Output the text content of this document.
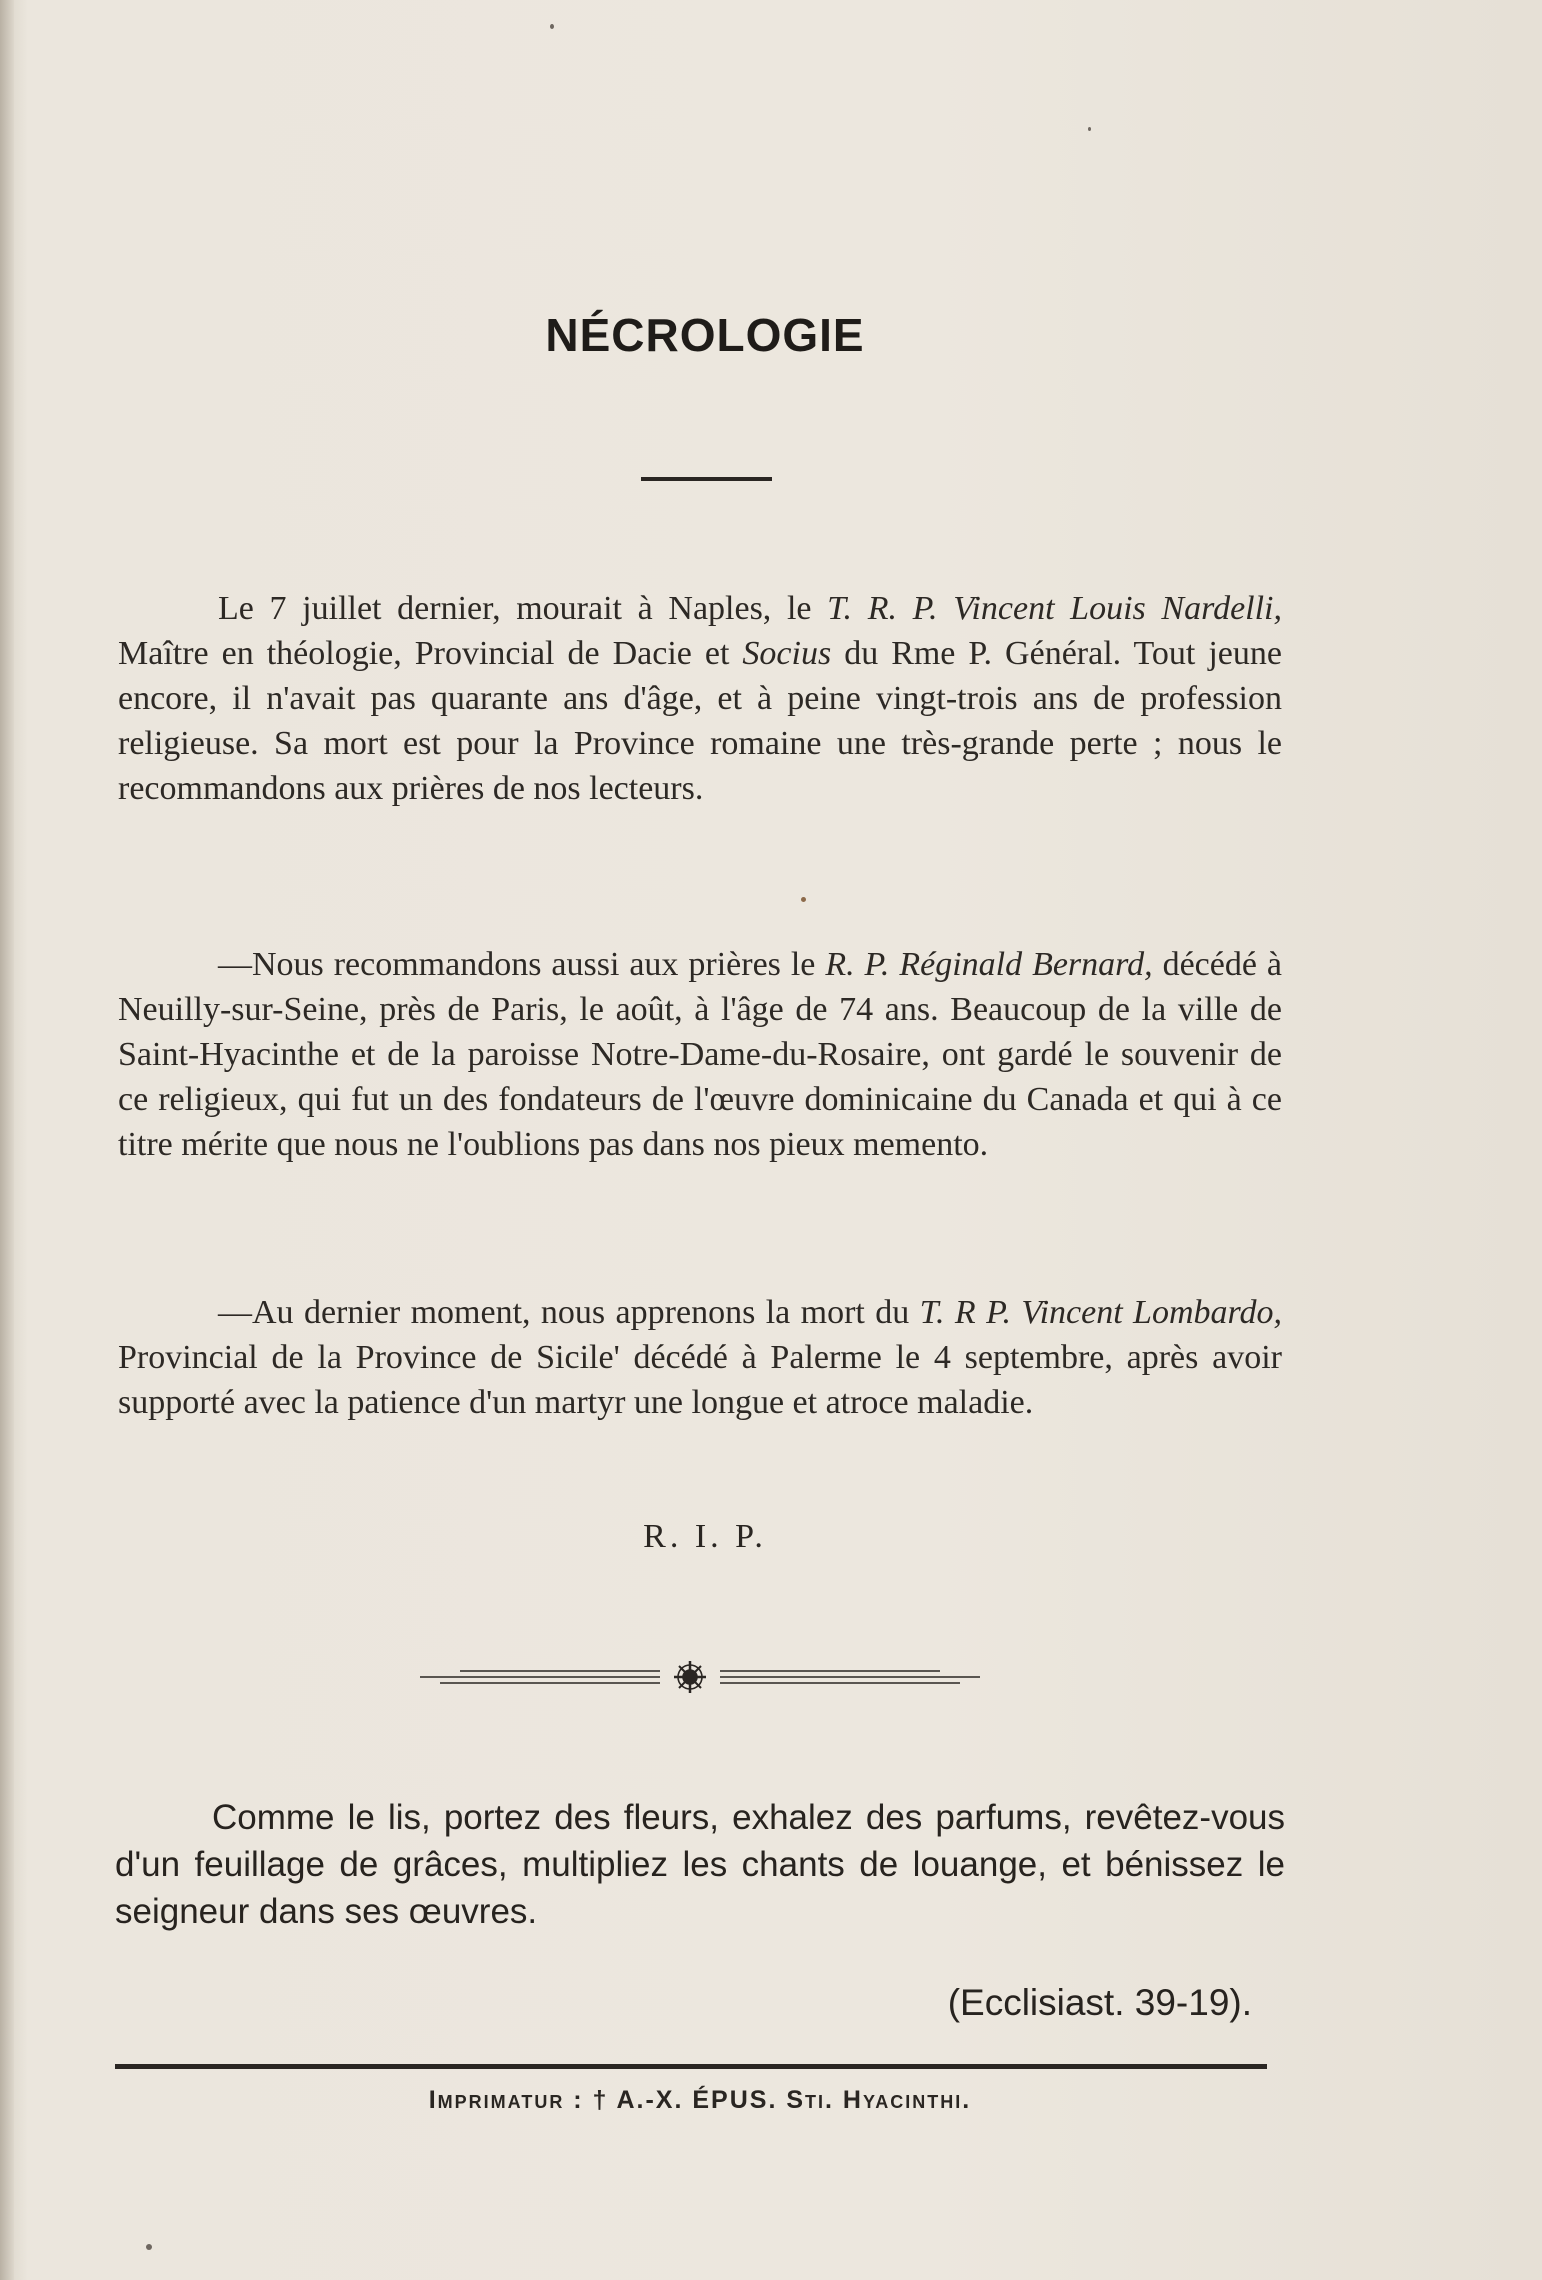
NÉCROLOGIE

Le 7 juillet dernier, mourait à Naples, le T. R. P. Vincent Louis Nardelli, Maître en théologie, Provincial de Dacie et Socius du Rme P. Général. Tout jeune encore, il n'avait pas quarante ans d'âge, et à peine vingt-trois ans de profession religieuse. Sa mort est pour la Province romaine une très-grande perte ; nous le recommandons aux prières de nos lecteurs.

—Nous recommandons aussi aux prières le R. P. Réginald Bernard, décédé à Neuilly-sur-Seine, près de Paris, le août, à l'âge de 74 ans. Beaucoup de la ville de Saint-Hyacinthe et de la paroisse Notre-Dame-du-Rosaire, ont gardé le souvenir de ce religieux, qui fut un des fondateurs de l'œuvre dominicaine du Canada et qui à ce titre mérite que nous ne l'oublions pas dans nos pieux memento.

—Au dernier moment, nous apprenons la mort du T. R P. Vincent Lombardo, Provincial de la Province de Sicile' décédé à Palerme le 4 septembre, après avoir supporté avec la patience d'un martyr une longue et atroce maladie.

R. I. P.

Comme le lis, portez des fleurs, exhalez des parfums, revêtez-vous d'un feuillage de grâces, multipliez les chants de louange, et bénissez le seigneur dans ses œuvres.

(Ecclisiast. 39-19).
Imprimatur : † A.-X. ÉPUS. Sti. Hyacinthi.
